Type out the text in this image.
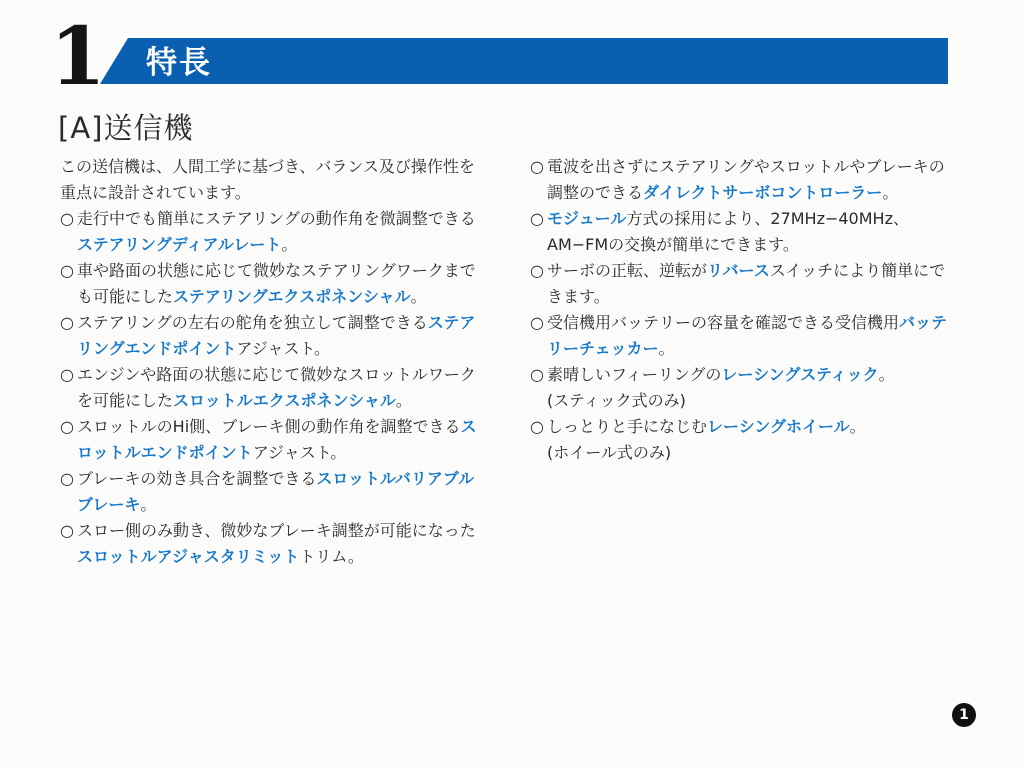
1 特長
[A]送信機

この送信機は、人間工学に基づき、バランス及び操作性を重点に設計されています。

○ 走行中でも簡単にステアリングの動作角を微調整できるステアリングディアルレート。

○ 車や路面の状態に応じて微妙なステアリングワークまでも可能にしたステアリングエクスポネンシャル。

○ ステアリングの左右の舵角を独立して調整できるステアリングエンドポイントアジャスト。

○ エンジンや路面の状態に応じて微妙なスロットルワークを可能にしたスロットルエクスポネンシャル。

○ スロットルのHi側、ブレーキ側の動作角を調整できるスロットルエンドポイントアジャスト。

○ ブレーキの効き具合を調整できるスロットルバリアブルブレーキ。

○ スロー側のみ動き、微妙なブレーキ調整が可能になったスロットルアジャスタリミットトリム。

○ 電波を出さずにステアリングやスロットルやブレーキの調整のできるダイレクトサーボコントローラー。

○ モジュール方式の採用により、27MHz−40MHz、AM−FMの交換が簡単にできます。

○ サーボの正転、逆転がリバーススイッチにより簡単にできます。

○ 受信機用バッテリーの容量を確認できる受信機用バッテリーチェッカー。

○ 素晴しいフィーリングのレーシングスティック。

(スティック式のみ)

○ しっとりと手になじむレーシングホイール。

(ホイール式のみ)

1
